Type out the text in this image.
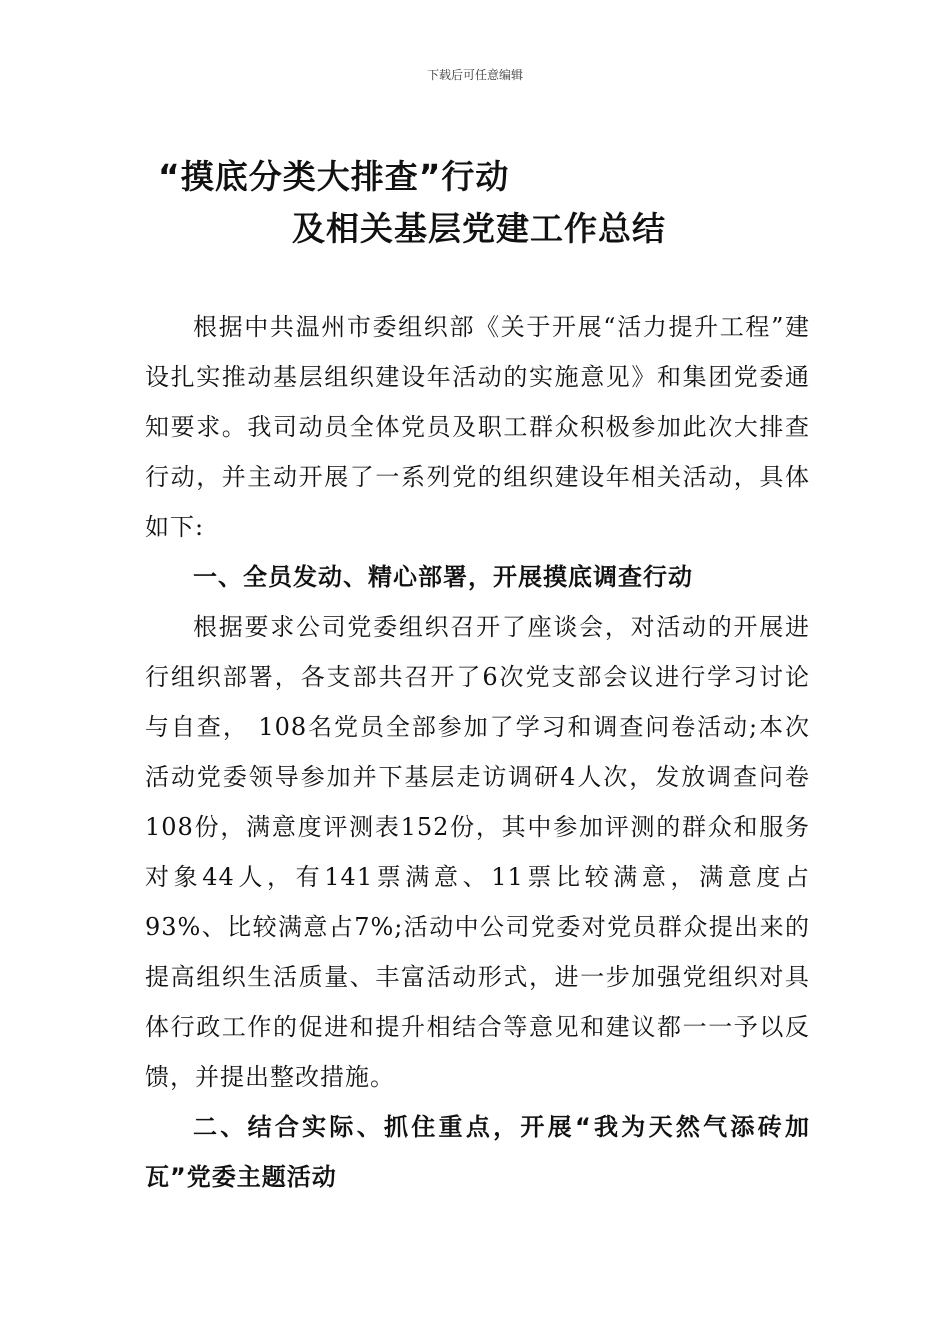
下载后可任意编辑
“摸底分类大排查”行动
及相关基层党建工作总结

根据中共温州市委组织部《关于开展“活力提升工程”建设扎实推动基层组织建设年活动的实施意见》和集团党委通知要求。我司动员全体党员及职工群众积极参加此次大排查行动，并主动开展了一系列党的组织建设年相关活动，具体如下:

一、全员发动、精心部署，开展摸底调查行动

根据要求公司党委组织召开了座谈会，对活动的开展进行组织部署，各支部共召开了6次党支部会议进行学习讨论与自查， 108名党员全部参加了学习和调查问卷活动;本次活动党委领导参加并下基层走访调研4人次，发放调查问卷108份，满意度评测表152份，其中参加评测的群众和服务对象44人，有141票满意、11票比较满意，满意度占93%、比较满意占7%;活动中公司党委对党员群众提出来的提高组织生活质量、丰富活动形式，进一步加强党组织对具体行政工作的促进和提升相结合等意见和建议都一一予以反馈，并提出整改措施。

二、结合实际、抓住重点，开展“我为天然气添砖加瓦”党委主题活动
